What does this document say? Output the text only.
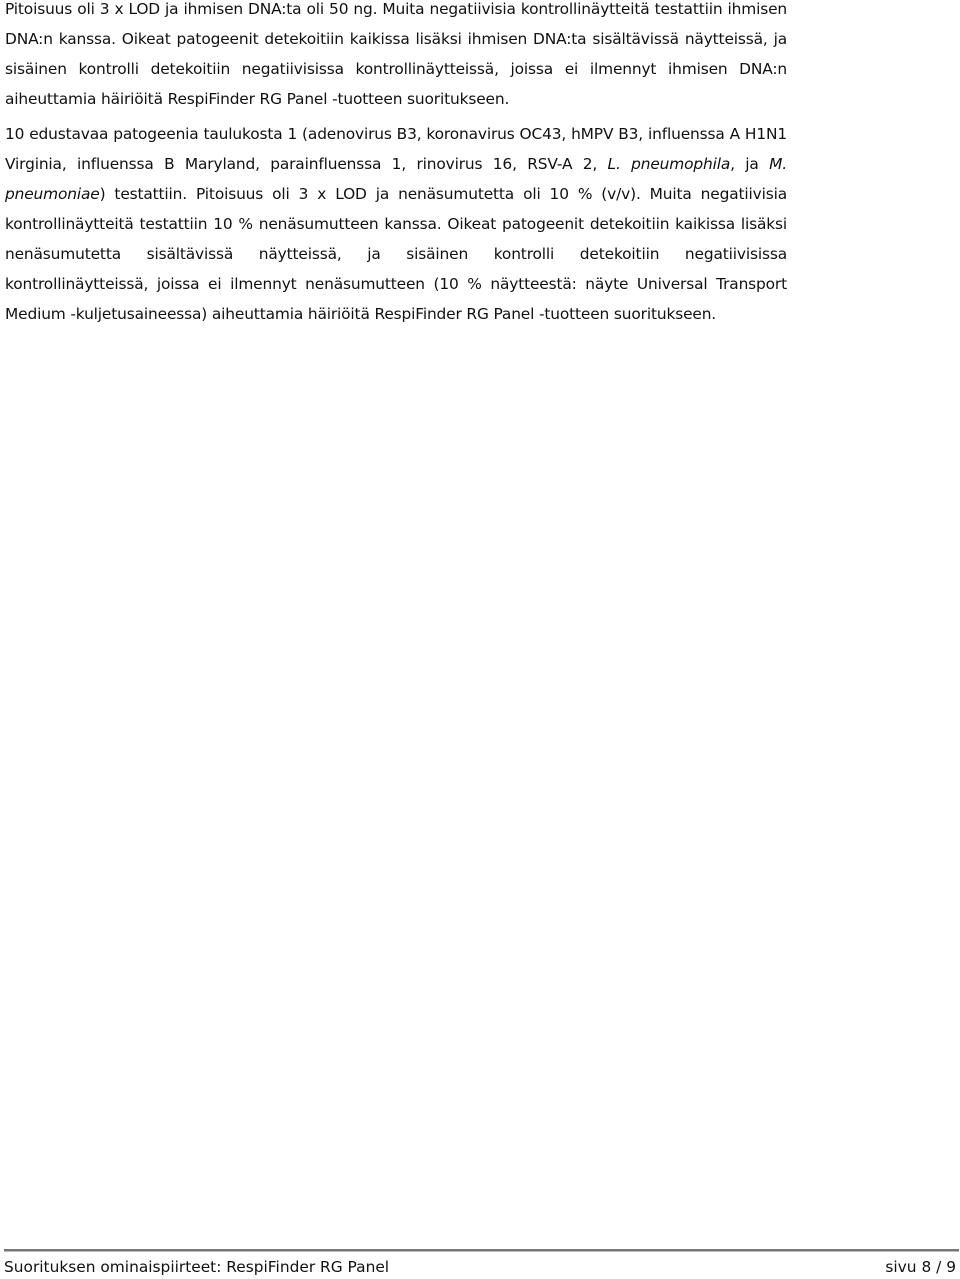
Pitoisuus oli 3 x LOD ja ihmisen DNA:ta oli 50 ng. Muita negatiivisia kontrollinäytteitä testattiin ihmisen DNA:n kanssa. Oikeat patogeenit detekoitiin kaikissa lisäksi ihmisen DNA:ta sisältävissä näytteissä, ja sisäinen kontrolli detekoitiin negatiivisissa kontrollinäytteissä, joissa ei ilmennyt ihmisen DNA:n aiheuttamia häiriöitä RespiFinder RG Panel -tuotteen suoritukseen.

10 edustavaa patogeenia taulukosta 1 (adenovirus B3, koronavirus OC43, hMPV B3, influenssa A H1N1 Virginia, influenssa B Maryland, parainfluenssa 1, rinovirus 16, RSV-A 2, L. pneumophila, ja M. pneumoniae) testattiin. Pitoisuus oli 3 x LOD ja nenäsumutetta oli 10 % (v/v). Muita negatiivisia kontrollinäytteitä testattiin 10 % nenäsumutteen kanssa. Oikeat patogeenit detekoitiin kaikissa lisäksi nenäsumutetta sisältävissä näytteissä, ja sisäinen kontrolli detekoitiin negatiivisissa kontrollinäytteissä, joissa ei ilmennyt nenäsumutteen (10 % näytteestä: näyte Universal Transport Medium -kuljetusaineessa) aiheuttamia häiriöitä RespiFinder RG Panel -tuotteen suoritukseen.

Suorituksen ominaispiirteet: RespiFinder RG Panel	sivu 8 / 9
